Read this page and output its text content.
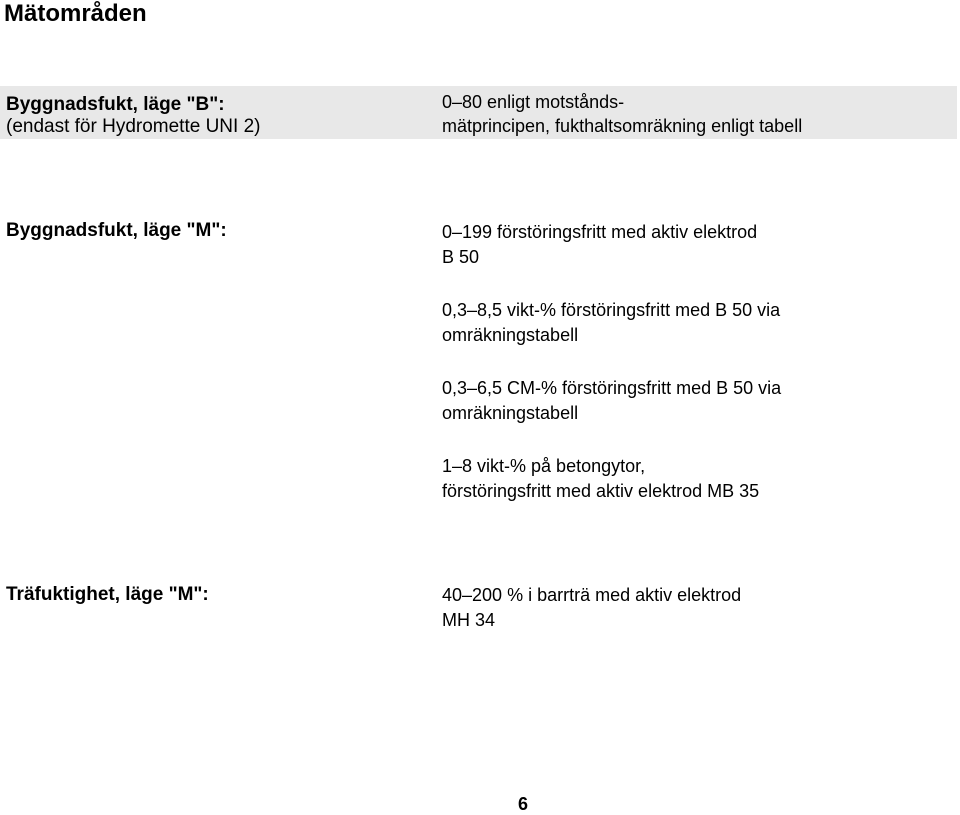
Mätområden
Byggnadsfukt, läge "B":
(endast för Hydromette UNI 2)
0–80 enligt motstånds-
mätprincipen, fukthaltsomräkning enligt tabell
Byggnadsfukt, läge "M":	0–199 förstöringsfritt med aktiv elektrod
B 50
0,3–8,5 vikt-% förstöringsfritt med B 50 via
omräkningstabell
0,3–6,5 CM-% förstöringsfritt med B 50 via
omräkningstabell
1–8 vikt-% på betongytor,
förstöringsfritt med aktiv elektrod MB 35
Träfuktighet, läge "M":	40–200 % i barrträ med aktiv elektrod
MH 34
6
